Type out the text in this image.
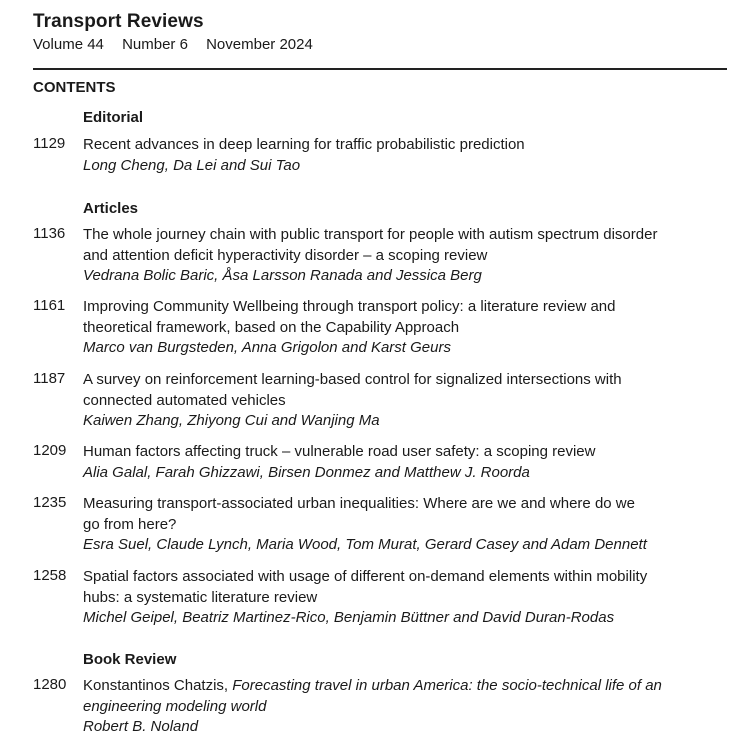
Transport Reviews
Volume 44 Number 6 November 2024
CONTENTS
Editorial
1129	Recent advances in deep learning for traffic probabilistic prediction
Long Cheng, Da Lei and Sui Tao
Articles
1136	The whole journey chain with public transport for people with autism spectrum disorder
and attention deficit hyperactivity disorder – a scoping review
Vedrana Bolic Baric, Åsa Larsson Ranada and Jessica Berg
1161	Improving Community Wellbeing through transport policy: a literature review and
theoretical framework, based on the Capability Approach
Marco van Burgsteden, Anna Grigolon and Karst Geurs
1187	A survey on reinforcement learning-based control for signalized intersections with
connected automated vehicles
Kaiwen Zhang, Zhiyong Cui and Wanjing Ma
1209	Human factors affecting truck – vulnerable road user safety: a scoping review
Alia Galal, Farah Ghizzawi, Birsen Donmez and Matthew J. Roorda
1235	Measuring transport-associated urban inequalities: Where are we and where do we
go from here?
Esra Suel, Claude Lynch, Maria Wood, Tom Murat, Gerard Casey and Adam Dennett
1258	Spatial factors associated with usage of different on-demand elements within mobility
hubs: a systematic literature review
Michel Geipel, Beatriz Martinez-Rico, Benjamin Büttner and David Duran-Rodas
Book Review
1280	Konstantinos Chatzis, Forecasting travel in urban America: the socio-technical life of an
engineering modeling world
Robert B. Noland
